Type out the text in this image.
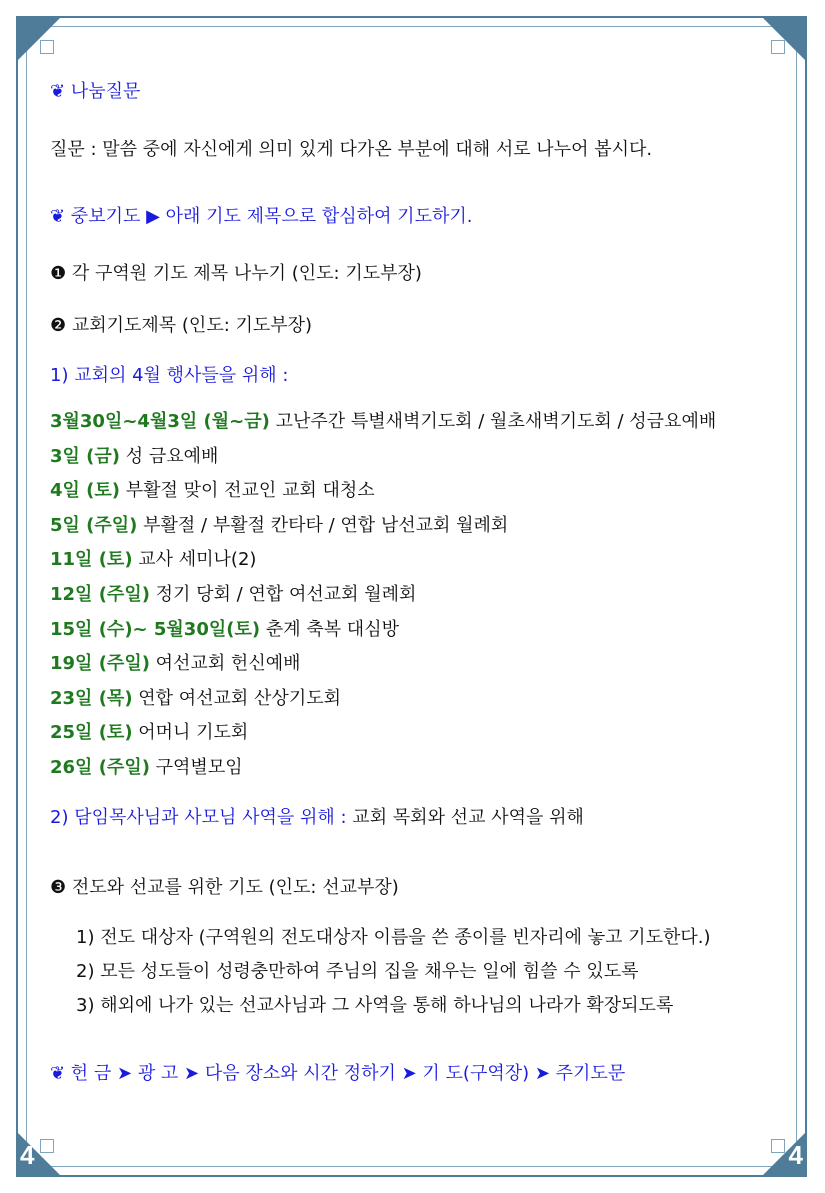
4	4
❦ 나눔질문
질문 : 말씀 중에 자신에게 의미 있게 다가온 부분에 대해 서로 나누어 봅시다.
❦ 중보기도 ▶ 아래 기도 제목으로 합심하여 기도하기.
❶ 각 구역원 기도 제목 나누기 (인도: 기도부장)
❷ 교회기도제목 (인도: 기도부장)
1) 교회의 4월 행사들을 위해 :
3월30일~4월3일 (월~금) 고난주간 특별새벽기도회 / 월초새벽기도회 / 성금요예배
3일 (금) 성 금요예배
4일 (토) 부활절 맞이 전교인 교회 대청소
5일 (주일) 부활절 / 부활절 칸타타 / 연합 남선교회 월례회
11일 (토) 교사 세미나(2)
12일 (주일) 정기 당회 / 연합 여선교회 월례회
15일 (수)~ 5월30일(토) 춘계 축복 대심방
19일 (주일) 여선교회 헌신예배
23일 (목) 연합 여선교회 산상기도회
25일 (토) 어머니 기도회
26일 (주일) 구역별모임
2) 담임목사님과 사모님 사역을 위해 : 교회 목회와 선교 사역을 위해
❸ 전도와 선교를 위한 기도 (인도: 선교부장)
1) 전도 대상자 (구역원의 전도대상자 이름을 쓴 종이를 빈자리에 놓고 기도한다.)
2) 모든 성도들이 성령충만하여 주님의 집을 채우는 일에 힘쓸 수 있도록
3) 해외에 나가 있는 선교사님과 그 사역을 통해 하나님의 나라가 확장되도록
❦ 헌 금 ➤ 광 고 ➤ 다음 장소와 시간 정하기 ➤ 기 도(구역장) ➤ 주기도문
